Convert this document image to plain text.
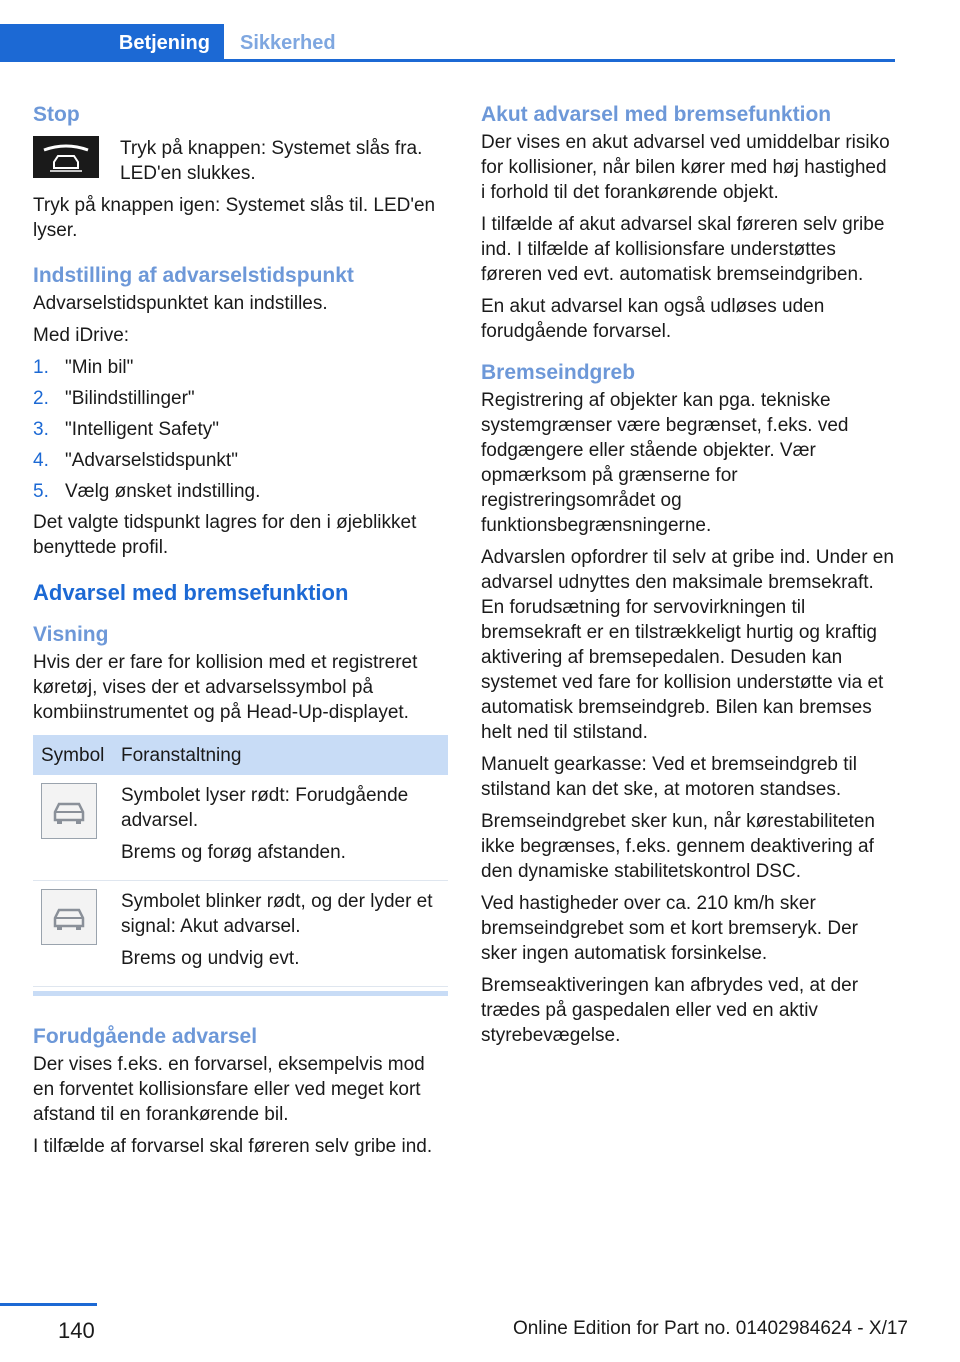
Betjening	Sikkerhed
Stop
Tryk på knappen: Systemet slås fra. LED'en slukkes.

Tryk på knappen igen: Systemet slås til. LED'en lyser.

Indstilling af advarselstidspunkt

Advarselstidspunktet kan indstilles.

Med iDrive:

1. "Min bil"
2. "Bilindstillinger"
3. "Intelligent Safety"
4. "Advarselstidspunkt"
5. Vælg ønsket indstilling.

Det valgte tidspunkt lagres for den i øjeblikket benyttede profil.

Advarsel med bremsefunktion
Visning

Hvis der er fare for kollision med et registreret køretøj, vises der et advarselssymbol på kombiinstrumentet og på Head-Up-displayet.

Symbol	Foranstaltning

Symbolet lyser rødt: Forudgående advarsel.

Brems og forøg afstanden.

Symbolet blinker rødt, og der lyder et signal: Akut advarsel.

Brems og undvig evt.

Forudgående advarsel

Der vises f.eks. en forvarsel, eksempelvis mod en forventet kollisionsfare eller ved meget kort afstand til en forankørende bil.

I tilfælde af forvarsel skal føreren selv gribe ind.

Akut advarsel med bremsefunktion

Der vises en akut advarsel ved umiddelbar risiko for kollisioner, når bilen kører med høj hastighed i forhold til det forankørende objekt.

I tilfælde af akut advarsel skal føreren selv gribe ind. I tilfælde af kollisionsfare understøttes føreren ved evt. automatisk bremseindgriben.

En akut advarsel kan også udløses uden forudgående forvarsel.

Bremseindgreb

Registrering af objekter kan pga. tekniske systemgrænser være begrænset, f.eks. ved fodgængere eller stående objekter. Vær opmærksom på grænserne for registreringsområdet og funktionsbegrænsningerne.

Advarslen opfordrer til selv at gribe ind. Under en advarsel udnyttes den maksimale bremsekraft. En forudsætning for servovirkningen til bremsekraft er en tilstrækkeligt hurtig og kraftig aktivering af bremsepedalen. Desuden kan systemet ved fare for kollision understøtte via et automatisk bremseindgreb. Bilen kan bremses helt ned til stilstand.

Manuelt gearkasse: Ved et bremseindgreb til stilstand kan det ske, at motoren standses.

Bremseindgrebet sker kun, når kørestabiliteten ikke begrænses, f.eks. gennem deaktivering af den dynamiske stabilitetskontrol DSC.

Ved hastigheder over ca. 210 km/h sker bremseindgrebet som et kort bremseryk. Der sker ingen automatisk forsinkelse.

Bremseaktiveringen kan afbrydes ved, at der trædes på gaspedalen eller ved en aktiv styrebevægelse.

140	Online Edition for Part no. 01402984624 - X/17
